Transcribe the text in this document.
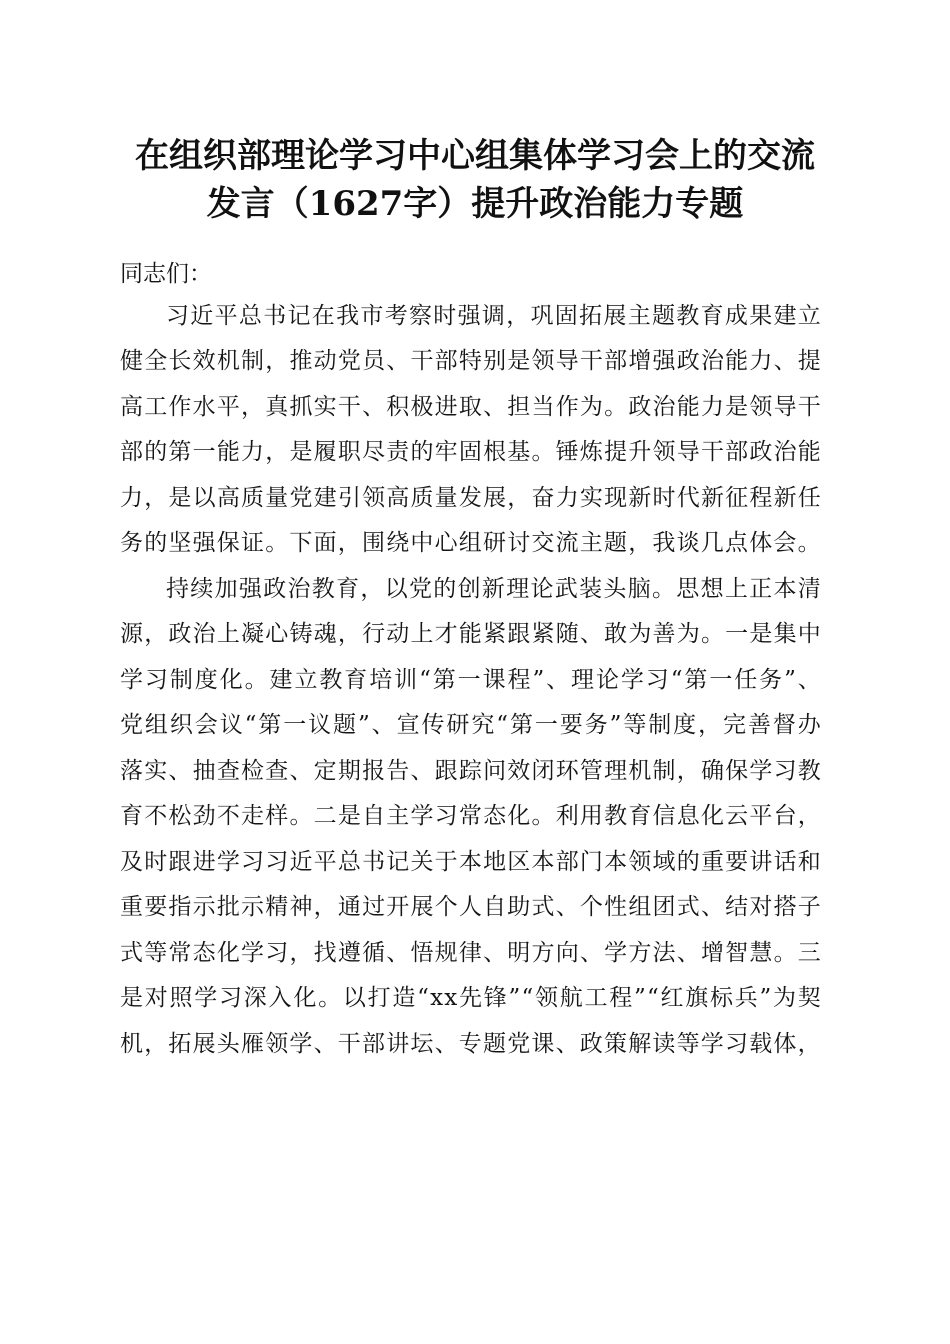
在组织部理论学习中心组集体学习会上的交流
发言（1627字）提升政治能力专题

同志们：

习近平总书记在我市考察时强调，巩固拓展主题教育成果建立健全长效机制，推动党员、干部特别是领导干部增强政治能力、提高工作水平，真抓实干、积极进取、担当作为。政治能力是领导干部的第一能力，是履职尽责的牢固根基。锤炼提升领导干部政治能力，是以高质量党建引领高质量发展，奋力实现新时代新征程新任务的坚强保证。下面，围绕中心组研讨交流主题，我谈几点体会。

持续加强政治教育，以党的创新理论武装头脑。思想上正本清源，政治上凝心铸魂，行动上才能紧跟紧随、敢为善为。一是集中学习制度化。建立教育培训“第一课程”、理论学习“第一任务”、党组织会议“第一议题”、宣传研究“第一要务”等制度，完善督办落实、抽查检查、定期报告、跟踪问效闭环管理机制，确保学习教育不松劲不走样。二是自主学习常态化。利用教育信息化云平台，及时跟进学习习近平总书记关于本地区本部门本领域的重要讲话和重要指示批示精神，通过开展个人自助式、个性组团式、结对搭子式等常态化学习，找遵循、悟规律、明方向、学方法、增智慧。三是对照学习深入化。以打造“xx先锋”“领航工程”“红旗标兵”为契机，拓展头雁领学、干部讲坛、专题党课、政策解读等学习载体，
